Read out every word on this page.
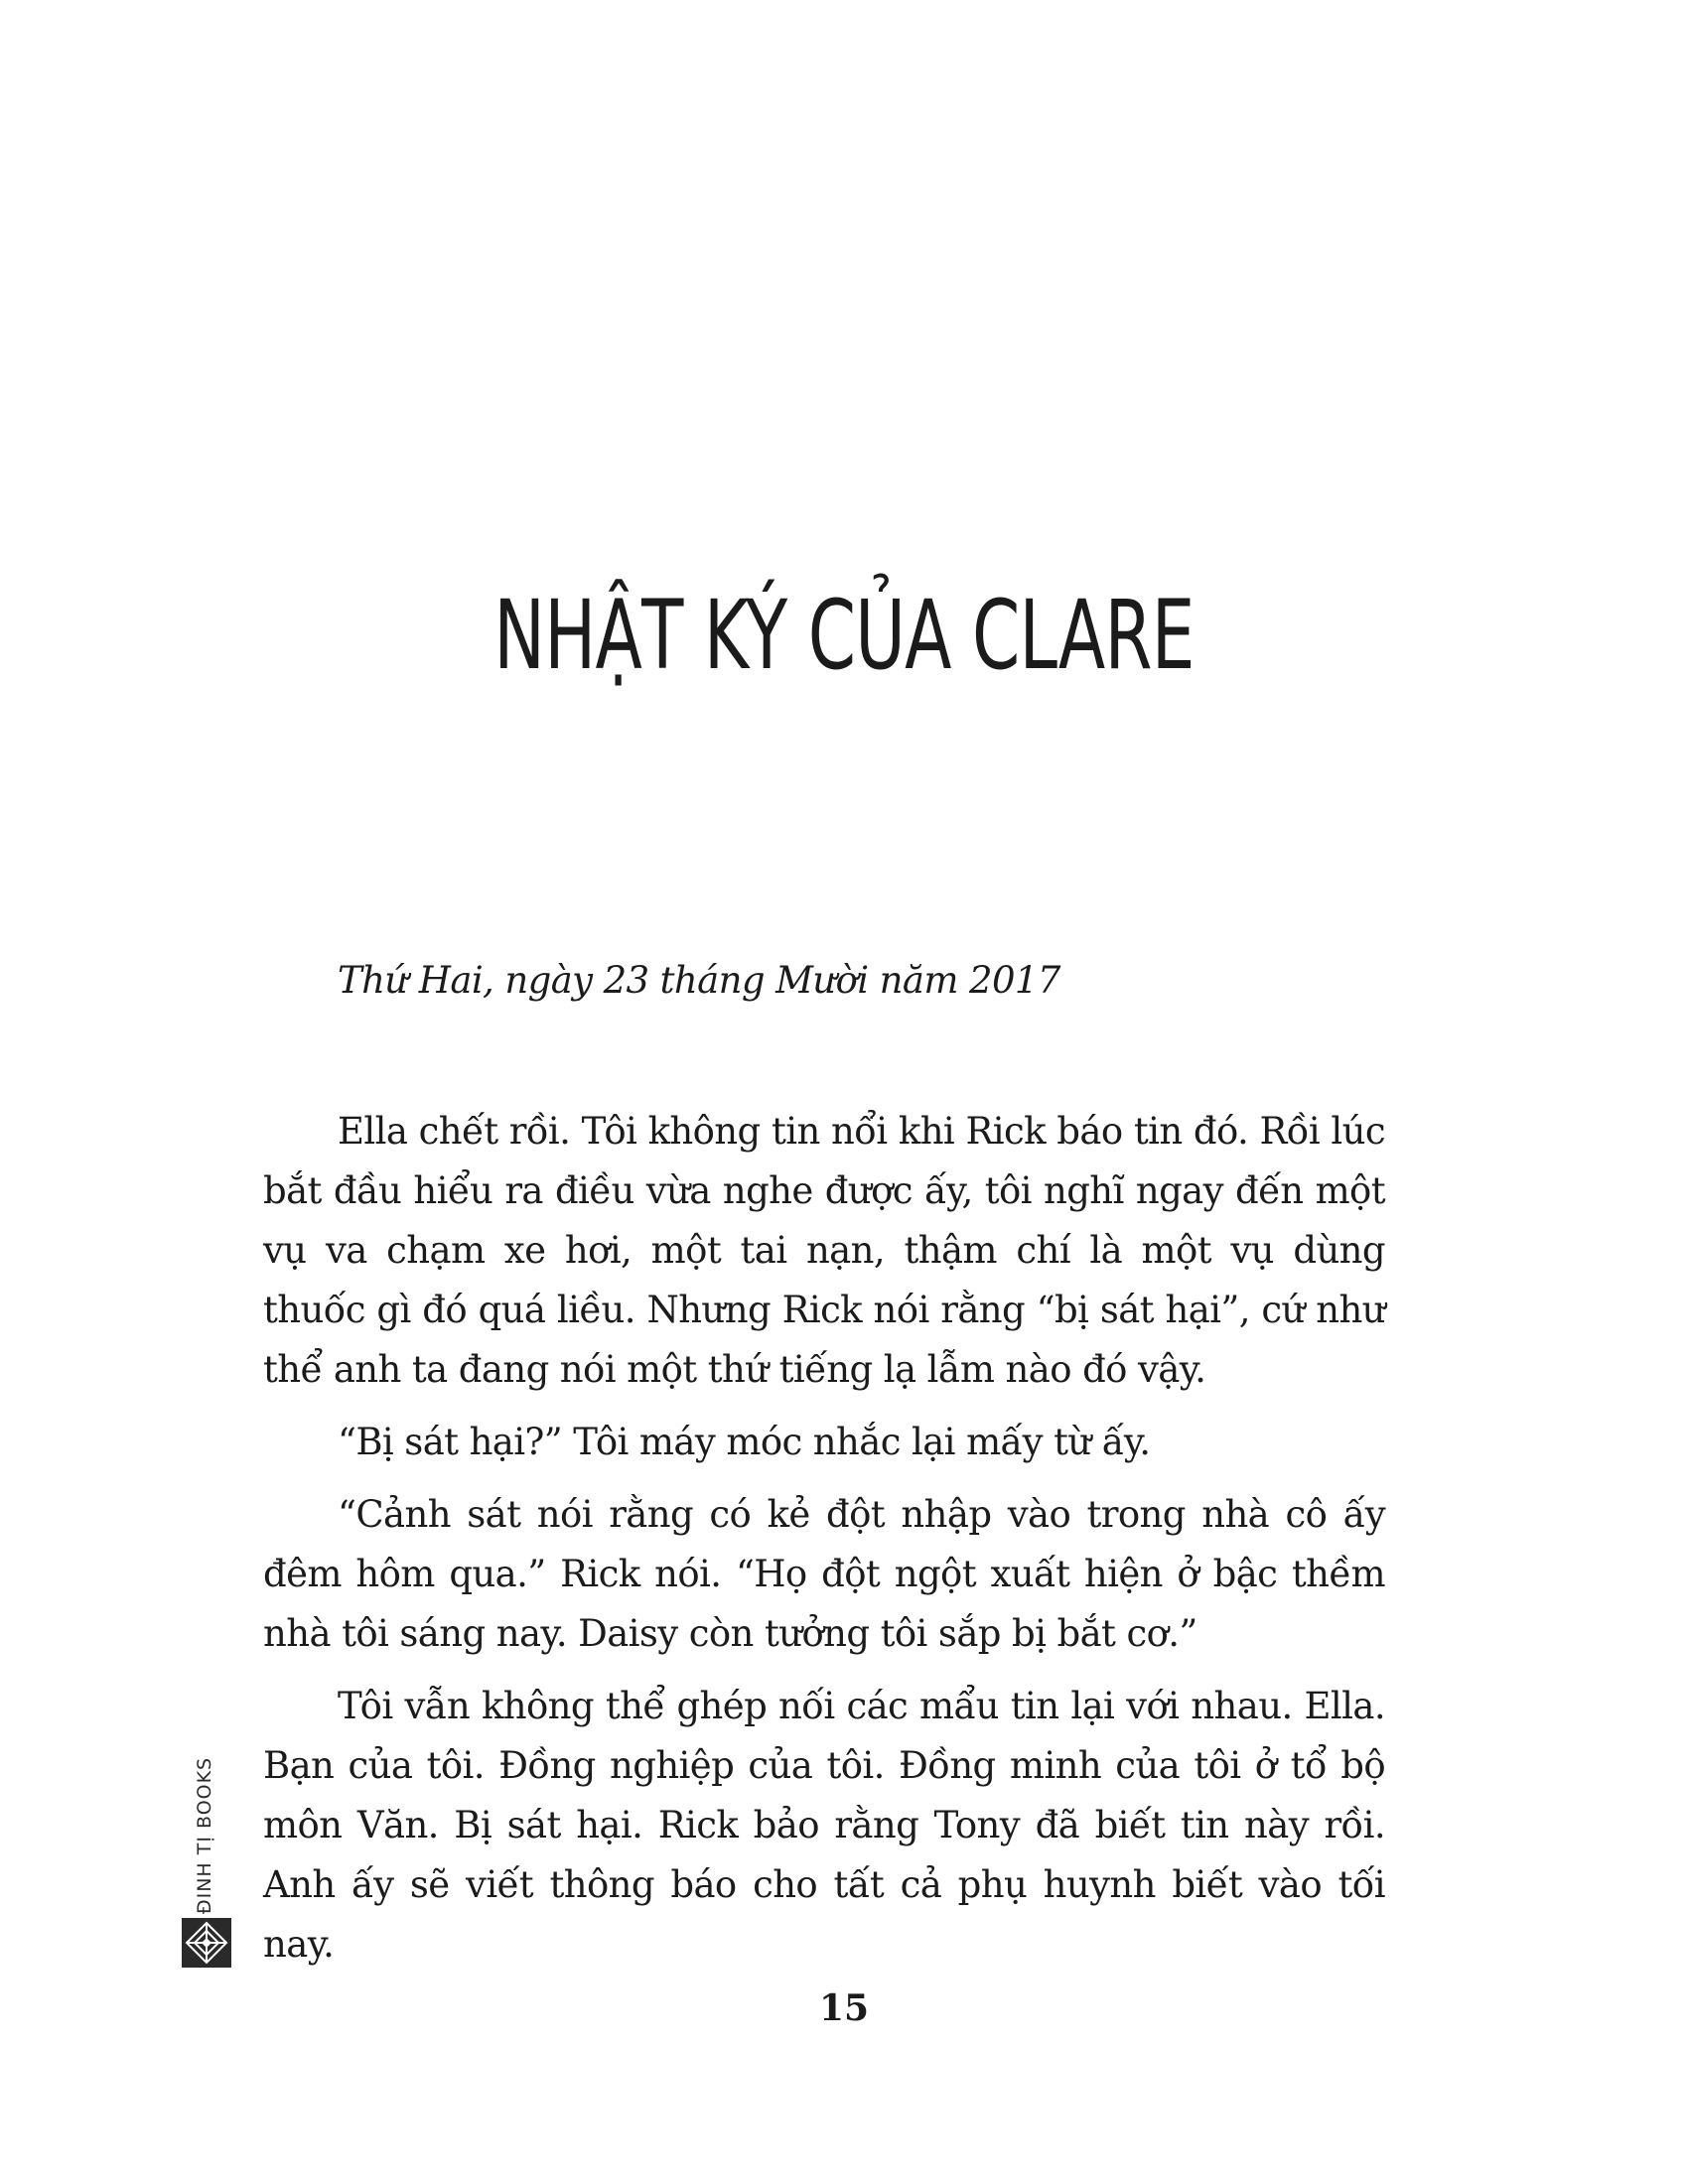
NHẬT KÝ CỦA CLARE

Thứ Hai, ngày 23 tháng Mười năm 2017

Ella chết rồi. Tôi không tin nổi khi Rick báo tin đó. Rồi lúc bắt đầu hiểu ra điều vừa nghe được ấy, tôi nghĩ ngay đến một vụ va chạm xe hơi, một tai nạn, thậm chí là một vụ dùng thuốc gì đó quá liều. Nhưng Rick nói rằng “bị sát hại”, cứ như thể anh ta đang nói một thứ tiếng lạ lẫm nào đó vậy.

“Bị sát hại?” Tôi máy móc nhắc lại mấy từ ấy.

“Cảnh sát nói rằng có kẻ đột nhập vào trong nhà cô ấy đêm hôm qua.” Rick nói. “Họ đột ngột xuất hiện ở bậc thềm nhà tôi sáng nay. Daisy còn tưởng tôi sắp bị bắt cơ.”

Tôi vẫn không thể ghép nối các mẩu tin lại với nhau. Ella. Bạn của tôi. Đồng nghiệp của tôi. Đồng minh của tôi ở tổ bộ môn Văn. Bị sát hại. Rick bảo rằng Tony đã biết tin này rồi. Anh ấy sẽ viết thông báo cho tất cả phụ huynh biết vào tối nay.

ĐINH TỊ BOOKS

15
